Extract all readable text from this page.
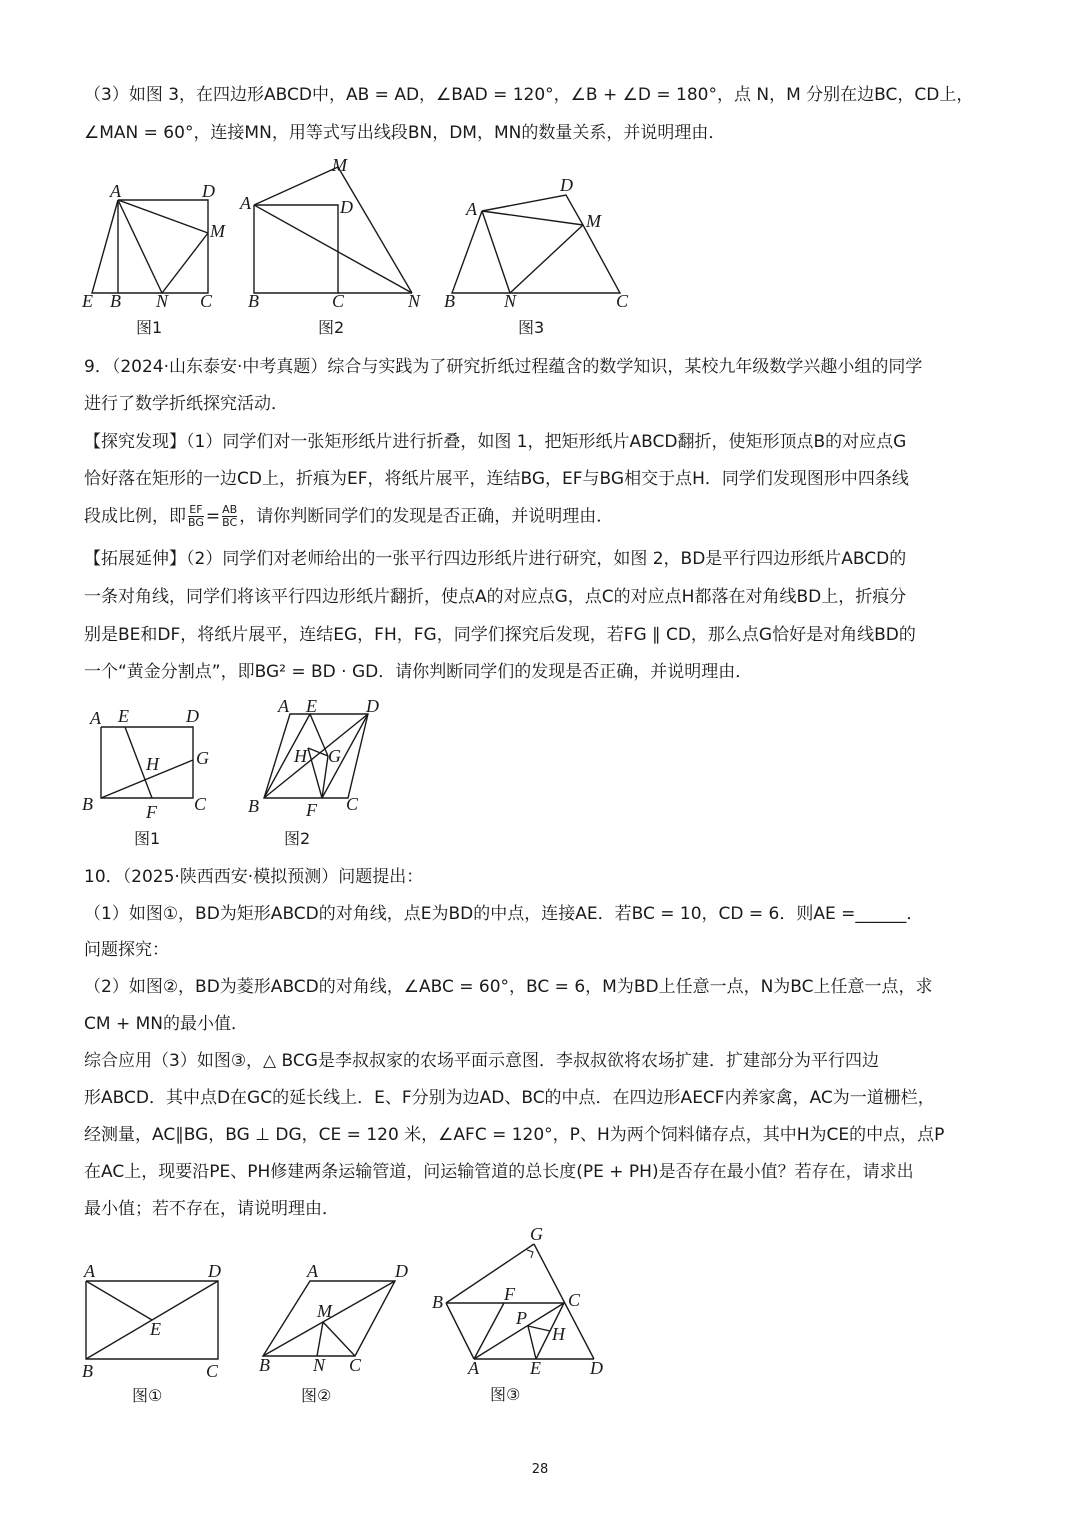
（3）如图 3，在四边形ABCD中，AB = AD，∠BAD = 120°，∠B + ∠D = 180°，点 N，M 分别在边BC，CD上，
∠MAN = 60°，连接MN，用等式写出线段BN，DM，MN的数量关系，并说明理由．
A	D
M
E B N C
图1
M
A	D
B	C	N
图2
D
A
M
B	N	C
图3
9．（2024·山东泰安·中考真题）综合与实践为了研究折纸过程蕴含的数学知识，某校九年级数学兴趣小组的同学
进行了数学折纸探究活动．
【探究发现】（1）同学们对一张矩形纸片进行折叠，如图 1，把矩形纸片ABCD翻折，使矩形顶点B的对应点G
恰好落在矩形的一边CD上，折痕为EF，将纸片展平，连结BG，EF与BG相交于点H．同学们发现图形中四条线
段成比例，即 $\frac{EF}{BG} = \frac{AB}{BC}$ ，请你判断同学们的发现是否正确，并说明理由．
【拓展延伸】（2）同学们对老师给出的一张平行四边形纸片进行研究，如图 2，BD是平行四边形纸片ABCD的
一条对角线，同学们将该平行四边形纸片翻折，使点A的对应点G，点C的对应点H都落在对角线BD上，折痕分
别是BE和DF，将纸片展平，连结EG，FH，FG，同学们探究后发现，若FG ∥ CD，那么点G恰好是对角线BD的
一个“黄金分割点”，即BG² = BD · GD．请你判断同学们的发现是否正确，并说明理由．
A E	D
H G
B	F C
图1
A E	D
H G
B	F C
图2
10．（2025·陕西西安·模拟预测）问题提出：
（1）如图①，BD为矩形ABCD的对角线，点E为BD的中点，连接AE．若BC = 10，CD = 6．则AE =______．
问题探究：
（2）如图②，BD为菱形ABCD的对角线，∠ABC = 60°，BC = 6，M为BD上任意一点，N为BC上任意一点，求
CM + MN的最小值．
综合应用（3）如图③，△ BCG是李叔叔家的农场平面示意图．李叔叔欲将农场扩建．扩建部分为平行四边
形ABCD．其中点D在GC的延长线上．E、F分别为边AD、BC的中点．在四边形AECF内养家禽，AC为一道栅栏，
经测量，AC∥BG，BG ⊥ DG，CE = 120 米，∠AFC = 120°，P、H为两个饲料储存点，其中H为CE的中点，点P
在AC上，现要沿PE、PH修建两条运输管道，问运输管道的总长度(PE + PH)是否存在最小值？若存在，请求出
最小值；若不存在，请说明理由．
A	D
E
B	C
图①
A	D
M
B N C
图②
G
B	F	C
P
H
A	E	D
图③
28
